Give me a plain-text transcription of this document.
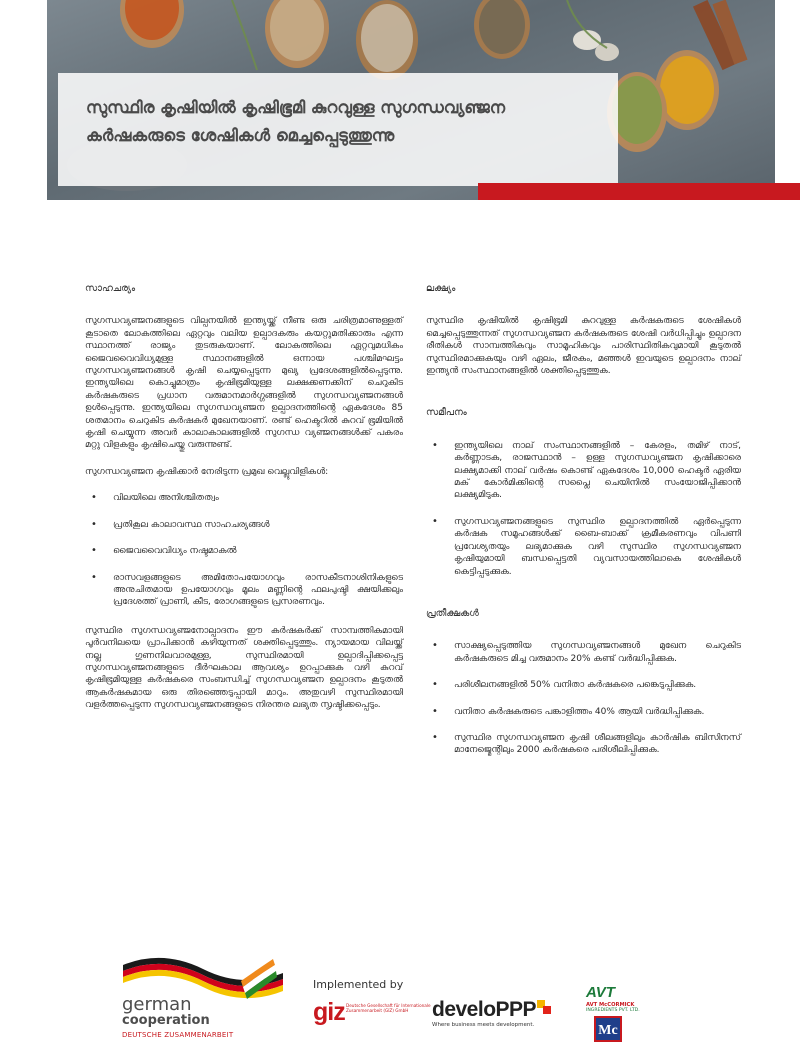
സുസ്ഥിര കൃഷിയിൽ കൃഷിഭൂമി കുറവുള്ള സുഗന്ധവ്യഞ്ജന
കർഷകരുടെ ശേഷികൾ മെച്ചപ്പെടുത്തുന്നു
സാഹചര്യം

സുഗന്ധവ്യഞ്ജനങ്ങളുടെ വില്പനയിൽ ഇന്ത്യയ്ക്ക് നീണ്ട ഒരു ചരിത്രമാണുള്ളത് കൂടാതെ ലോകത്തിലെ ഏറ്റവും വലിയ ഉല്പാദകരും കയറ്റുമതിക്കാരും എന്ന സ്ഥാനത്ത് രാജ്യം തുടരുകയാണ്. ലോകത്തിലെ ഏറ്റവുമധികം ജൈവവൈവിധ്യമുള്ള സ്ഥാനങ്ങളിൽ ഒന്നായ പശ്ചിമഘട്ടം സുഗന്ധവ്യഞ്ജനങ്ങൾ കൃഷി ചെയ്യപ്പെടുന്ന മുഖ്യ പ്രദേശങ്ങളിൽപ്പെടുന്നു. ഇന്ത്യയിലെ കൊച്ചുമാത്രം കൃഷിഭൂമിയുള്ള ലക്ഷക്കണക്കിന് ചെറുകിട കർഷകരുടെ പ്രധാന വരുമാനമാർഗ്ഗങ്ങളിൽ സുഗന്ധവ്യഞ്ജനങ്ങൾ ഉൾപ്പെടുന്നു. ഇന്ത്യയിലെ സുഗന്ധവ്യഞ്ജന ഉല്പാദനത്തിന്റെ ഏകദേശം 85 ശതമാനം ചെറുകിട കർഷകർ മുഖേനയാണ്. രണ്ട് ഹെക്ടറിൽ കുറവ് ഭൂമിയിൽ കൃഷി ചെയ്യുന്ന അവർ കാലാകാലങ്ങളിൽ സുഗന്ധ വ്യഞ്ജനങ്ങൾക്ക് പകരം മറ്റു വിളകളും കൃഷിചെയ്തു വരുന്നുണ്ട്.

സുഗന്ധവ്യഞ്ജന കൃഷിക്കാർ നേരിടുന്ന പ്രമുഖ വെല്ലുവിളികൾ:

• വിലയിലെ അനിശ്ചിതത്വം
• പ്രതികൂല കാലാവസ്ഥ സാഹചര്യങ്ങൾ
• ജൈവവൈവിധ്യം നഷ്ടമാകൽ
• രാസവളങ്ങളുടെ അമിതോപയോഗവും രാസകീടനാശിനികളുടെ അനുചിതമായ ഉപയോഗവും മൂലം മണ്ണിന്റെ ഫലപുഷ്ടി ക്ഷയിക്കലും പ്രദേശത്ത് പ്രാണി, കീട, രോഗങ്ങളുടെ പ്രസരണവും.

സുസ്ഥിര സുഗന്ധവ്യഞ്ജനോല്പാദനം ഈ കർഷകർക്ക് സാമ്പത്തികമായി പൂർവനിലയെ പ്രാപിക്കാൻ കഴിയുന്നത് ശക്തിപ്പെടുത്തും. ന്യായമായ വിലയ്ക്ക് നല്ല ഗുണനിലവാരമുള്ള, സുസ്ഥിരമായി ഉല്പാദിപ്പിക്കപ്പെട്ട സുഗന്ധവ്യഞ്ജനങ്ങളുടെ ദീർഘകാല ആവശ്യം ഉറപ്പാക്കുക വഴി കുറവ് കൃഷിഭൂമിയുള്ള കർഷകരെ സംബന്ധിച്ച് സുഗന്ധവ്യഞ്ജന ഉല്പാദനം കൂടുതൽ ആകർഷകമായ ഒരു തിരഞ്ഞെടുപ്പായി മാറും. അതുവഴി സുസ്ഥിരമായി വളർത്തപ്പെടുന്ന സുഗന്ധവ്യഞ്ജനങ്ങളുടെ നിരന്തര ലഭ്യത സൃഷ്ടിക്കപ്പെടും.

ലക്ഷ്യം

സുസ്ഥിര കൃഷിയിൽ കൃഷിഭൂമി കുറവുള്ള കർഷകരുടെ ശേഷികൾ മെച്ചപ്പെടുത്തുന്നത് സുഗന്ധവ്യഞ്ജന കർഷകരുടെ ശേഷി വർധിപ്പിച്ചും ഉല്പാദന രീതികൾ സാമ്പത്തികവും സാമൂഹികവും പാരിസ്ഥിതികവുമായി കൂടുതൽ സുസ്ഥിരമാക്കുകയും വഴി ഏലം, ജീരകം, മഞ്ഞൾ ഇവയുടെ ഉല്പാദനം നാല് ഇന്ത്യൻ സംസ്ഥാനങ്ങളിൽ ശക്തിപ്പെടുത്തുക.

സമീപനം
• ഇന്ത്യയിലെ നാല് സംസ്ഥാനങ്ങളിൽ – കേരളം, തമിഴ് നാട്, കർണ്ണാടക, രാജസ്ഥാൻ – ഉള്ള സുഗന്ധവ്യഞ്ജന കൃഷിക്കാരെ ലക്ഷ്യമാക്കി നാല് വർഷം കൊണ്ട് ഏകദേശം 10,000 ഹെക്ടർ ഏരിയ മക് കോർമിക്കിന്റെ സപ്ലൈ ചെയിനിൽ സംയോജിപ്പിക്കാൻ ലക്ഷ്യമിടുക.
• സുഗന്ധവ്യഞ്ജനങ്ങളുടെ സുസ്ഥിര ഉല്പാദനത്തിൽ ഏർപ്പെടുന്ന കർഷക സമൂഹങ്ങൾക്ക് ബൈ-ബാക്ക് ക്രമീകരണവും വിപണി പ്രവേശ്യതയും ലഭ്യമാക്കുക വഴി സുസ്ഥിര സുഗന്ധവ്യഞ്ജന കൃഷിയുമായി ബന്ധപ്പെട്ടതി വ്യവസായത്തിലാകെ ശേഷികൾ കെട്ടിപ്പടുക്കുക.
പ്രതീക്ഷകൾ
• സാക്ഷ്യപ്പെടുത്തിയ സുഗന്ധവ്യഞ്ജനങ്ങൾ മുഖേന ചെറുകിട കർഷകരുടെ മിച്ച വരുമാനം 20% കണ്ട് വർദ്ധിപ്പിക്കുക.
• പരിശീലനങ്ങളിൽ 50% വനിതാ കർഷകരെ പങ്കെടുപ്പിക്കുക.
• വനിതാ കർഷകരുടെ പങ്കാളിത്തം 40% ആയി വർദ്ധിപ്പിക്കുക.
• സുസ്ഥിര സുഗന്ധവ്യഞ്ജന കൃഷി ശീലങ്ങളിലും കാർഷിക ബിസിനസ് മാനേജ്മെന്റിലും 2000 കർഷകരെ പരിശീലിപ്പിക്കുക.
german
cooperation
DEUTSCHE ZUSAMMENARBEIT
Implemented by
giz Deutsche Gesellschaft für Internationale Zusammenarbeit (GIZ) GmbH	develoPPP
Where business meets development.
AVT
AVT McCORMICK
INGREDIENTS PVT. LTD.
Mc
